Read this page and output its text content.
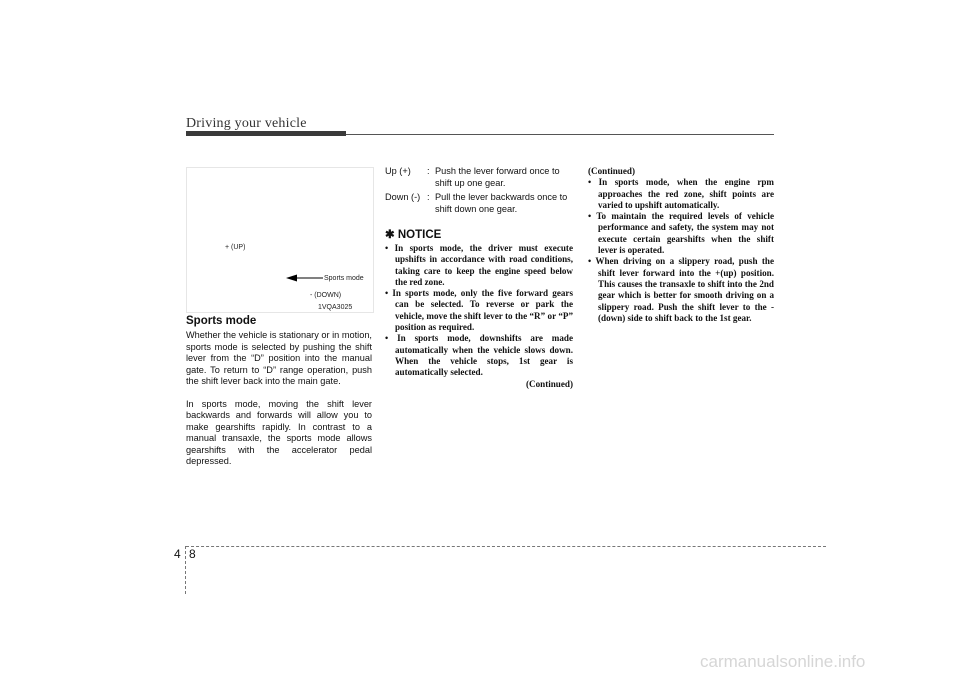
Driving your vehicle
+ (UP)
Sports mode
- (DOWN)
1VQA3025
Sports mode

Whether the vehicle is stationary or in motion, sports mode is selected by pushing the shift lever from the “D” position into the manual gate. To return to “D” range operation, push the shift lever back into the main gate.

In sports mode, moving the shift lever backwards and forwards will allow you to make gearshifts rapidly. In contrast to a manual transaxle, the sports mode allows gearshifts with the accelerator pedal depressed.

Up (+)	: Push the lever forward once to shift up one gear.
Down (-) : Pull the lever backwards once to shift down one gear.
✱ NOTICE
• In sports mode, the driver must execute upshifts in accordance with road conditions, taking care to keep the engine speed below the red zone.
• In sports mode, only the five forward gears can be selected. To reverse or park the vehicle, move the shift lever to the “R” or “P” position as required.
• In sports mode, downshifts are made automatically when the vehicle slows down. When the vehicle stops, 1st gear is automatically selected.
(Continued)
(Continued)
• In sports mode, when the engine rpm approaches the red zone, shift points are varied to upshift automatically.
• To maintain the required levels of vehicle performance and safety, the system may not execute certain gearshifts when the shift lever is operated.
• When driving on a slippery road, push the shift lever forward into the +(up) position. This causes the transaxle to shift into the 2nd gear which is better for smooth driving on a slippery road. Push the shift lever to the -(down) side to shift back to the 1st gear.
4 8
carmanualsonline.info
